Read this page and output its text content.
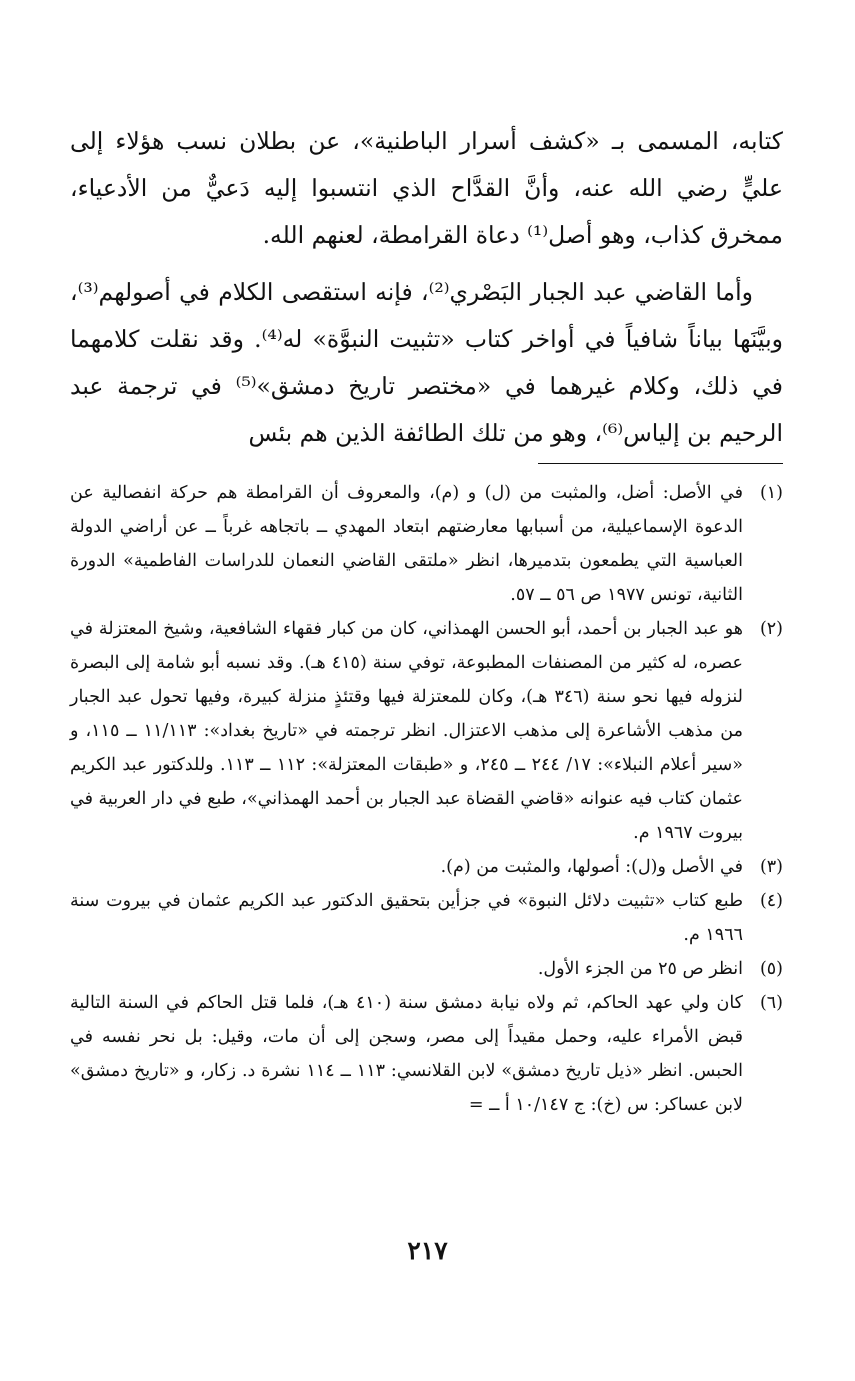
كتابه، المسمى بـ «كشف أسرار الباطنية»، عن بطلان نسب هؤلاء إلى عليٍّ رضي الله عنه، وأنَّ القدَّاح الذي انتسبوا إليه دَعيٌّ من الأدعياء، ممخرق كذاب، وهو أصل⁽¹⁾ دعاة القرامطة، لعنهم الله.

وأما القاضي عبد الجبار البَصْري⁽²⁾، فإنه استقصى الكلام في أصولهم⁽³⁾، وبيَّنَها بياناً شافياً في أواخر كتاب «تثبيت النبوَّة» له⁽⁴⁾. وقد نقلت كلامهما في ذلك، وكلام غيرهما في «مختصر تاريخ دمشق»⁽⁵⁾ في ترجمة عبد الرحيم بن إلياس⁽⁶⁾، وهو من تلك الطائفة الذين هم بئس

(١)في الأصل: أضل، والمثبت من (ل) و (م)، والمعروف أن القرامطة هم حركة انفصالية عن الدعوة الإسماعيلية، من أسبابها معارضتهم ابتعاد المهدي ــ باتجاهه غرباً ــ عن أراضي الدولة العباسية التي يطمعون بتدميرها، انظر «ملتقى القاضي النعمان للدراسات الفاطمية» الدورة الثانية، تونس ١٩٧٧ ص ٥٦ ــ ٥٧.
(٢)هو عبد الجبار بن أحمد، أبو الحسن الهمذاني، كان من كبار فقهاء الشافعية، وشيخ المعتزلة في عصره، له كثير من المصنفات المطبوعة، توفي سنة (٤١٥ هـ). وقد نسبه أبو شامة إلى البصرة لنزوله فيها نحو سنة (٣٤٦ هـ)، وكان للمعتزلة فيها وقتئذٍ منزلة كبيرة، وفيها تحول عبد الجبار من مذهب الأشاعرة إلى مذهب الاعتزال. انظر ترجمته في «تاريخ بغداد»: ١١/١١٣ ــ ١١٥، و «سير أعلام النبلاء»: ١٧/ ٢٤٤ ــ ٢٤٥، و «طبقات المعتزلة»: ١١٢ ــ ١١٣. وللدكتور عبد الكريم عثمان كتاب فيه عنوانه «قاضي القضاة عبد الجبار بن أحمد الهمذاني»، طبع في دار العربية في بيروت ١٩٦٧ م.
(٣)في الأصل و(ل): أصولها، والمثبت من (م).
(٤)طبع كتاب «تثبيت دلائل النبوة» في جزأين بتحقيق الدكتور عبد الكريم عثمان في بيروت سنة ١٩٦٦ م.
(٥)انظر ص ٢٥ من الجزء الأول.
(٦)كان ولي عهد الحاكم، ثم ولاه نيابة دمشق سنة (٤١٠ هـ)، فلما قتل الحاكم في السنة التالية قبض الأمراء عليه، وحمل مقيداً إلى مصر، وسجن إلى أن مات، وقيل: بل نحر نفسه في الحبس. انظر «ذيل تاريخ دمشق» لابن القلانسي: ١١٣ ــ ١١٤ نشرة د. زكار، و «تاريخ دمشق» لابن عساكر: س (خ): ج ١٠/١٤٧ أ ــ =
٢١٧
